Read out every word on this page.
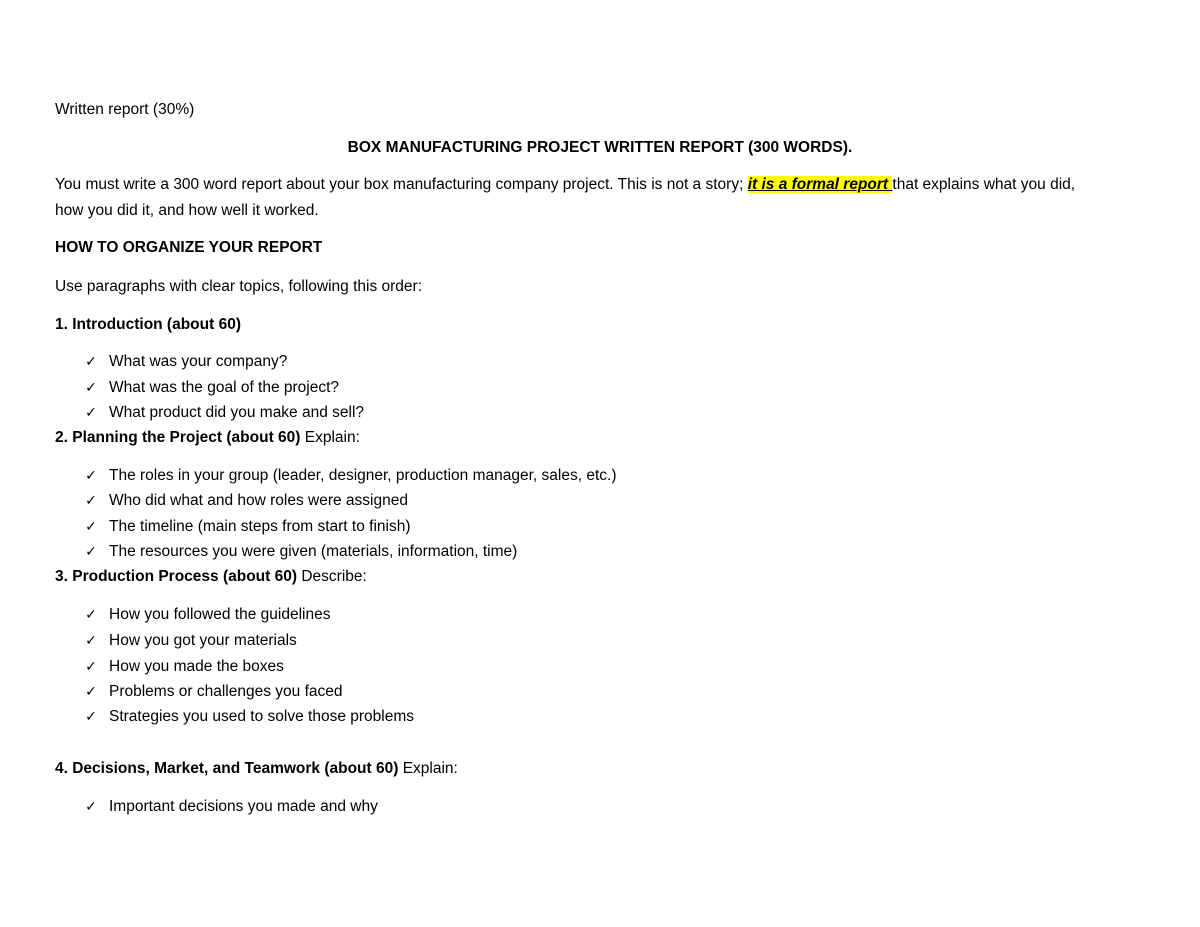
Written report (30%)
BOX MANUFACTURING PROJECT WRITTEN REPORT (300 WORDS).
You must write a 300 word report about your box manufacturing company project. This is not a story; it is a formal report that explains what you did,
how you did it, and how well it worked.
HOW TO ORGANIZE YOUR REPORT
Use paragraphs with clear topics, following this order:
1. Introduction (about 60)
✓ What was your company?
✓ What was the goal of the project?
✓ What product did you make and sell?
2. Planning the Project (about 60) Explain:
✓ The roles in your group (leader, designer, production manager, sales, etc.)
✓ Who did what and how roles were assigned
✓ The timeline (main steps from start to finish)
✓ The resources you were given (materials, information, time)
3. Production Process (about 60) Describe:
✓ How you followed the guidelines
✓ How you got your materials
✓ How you made the boxes
✓ Problems or challenges you faced
✓ Strategies you used to solve those problems
4. Decisions, Market, and Teamwork (about 60) Explain:
✓ Important decisions you made and why
